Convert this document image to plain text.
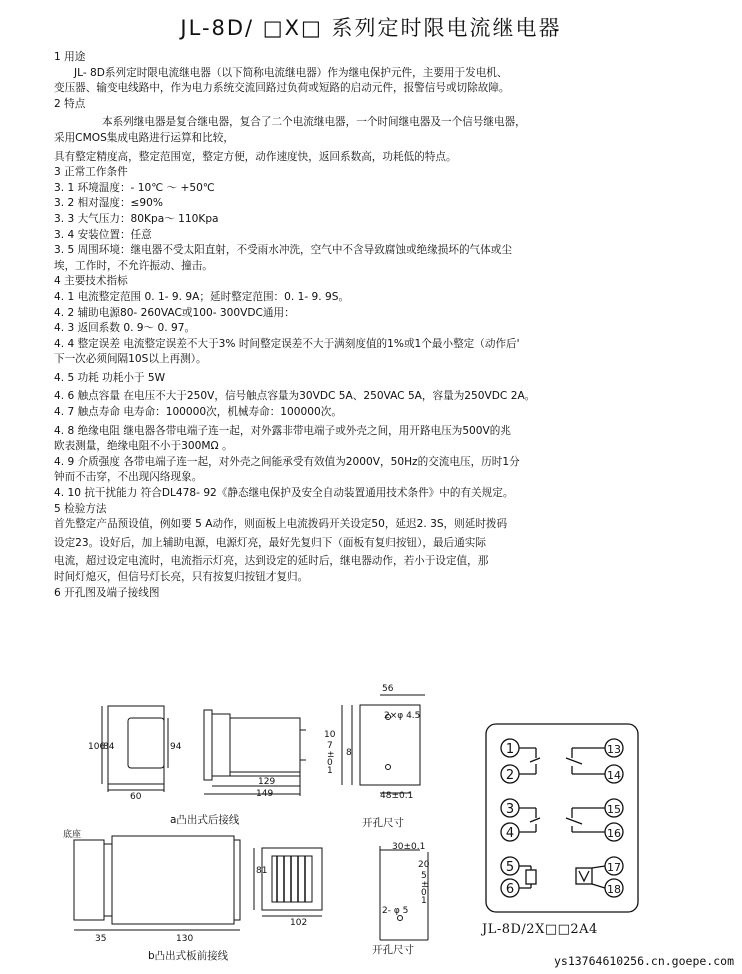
JL-8D/ □X□ 系列定时限电流继电器

1 用途

JL- 8D系列定时限电流继电器（以下简称电流继电器）作为继电保护元件，主要用于发电机、

变压器、输变电线路中，作为电力系统交流回路过负荷或短路的启动元件，报警信号或切除故障。

2 特点

本系列继电器是复合继电器，复合了二个电流继电器，一个时间继电器及一个信号继电器，

采用CMOS集成电路进行运算和比较，

具有整定精度高，整定范围宽，整定方便，动作速度快，返回系数高，功耗低的特点。

3 正常工作条件

3. 1 环境温度：- 10℃ ～ +50℃

3. 2 相对湿度：≤90%

3. 3 大气压力：80Kpa～ 110Kpa

3. 4 安装位置：任意

3. 5 周围环境：继电器不受太阳直射，不受雨水冲洗，空气中不含导致腐蚀或绝缘损坏的气体或尘

埃，工作时，不允许振动、撞击。

4 主要技术指标

4. 1 电流整定范围 0. 1- 9. 9A；延时整定范围：0. 1- 9. 9S。

4. 2 辅助电源80- 260VAC或100- 300VDC通用：

4. 3 返回系数 0. 9～ 0. 97。

4. 4 整定误差 电流整定误差不大于3% 时间整定误差不大于满刻度值的1%或1个最小整定（动作后'

下一次必须间隔10S以上再测）。

4. 5 功耗 功耗小于 5W

4. 6 触点容量 在电压不大于250V，信号触点容量为30VDC 5A、250VAC 5A，容量为250VDC 2A。

4. 7 触点寿命 电寿命：100000次，机械寿命：100000次。

4. 8 绝缘电阻 继电器各带电端子连一起，对外露非带电端子或外壳之间，用开路电压为500V的兆

欧表测量，绝缘电阻不小于300MΩ 。

4. 9 介质强度 各带电端子连一起，对外壳之间能承受有效值为2000V，50Hz的交流电压，历时1分

钟而不击穿，不出现闪络现象。

4. 10 抗干扰能力 符合DL478- 92《静态继电保护及安全自动装置通用技术条件》中的有关规定。

5 检验方法

首先整定产品预设值，例如要 5 A动作，则面板上电流拨码开关设定50，延迟2. 3S，则延时拨码

设定23。设好后，加上辅助电源，电源灯亮，最好先复归下（面板有复归按钮），最后通实际

电流，超过设定电流时，电流指示灯亮，达到设定的延时后，继电器动作，若小于设定值，那

时间灯熄灭，但信号灯长亮，只有按复归按钮才复归。

6 开孔图及端子接线图

106
84	94
60
129
149
a凸出式后接线
56
2×φ 4.5
10
7
±
0
1
8
48±0.1
开孔尺寸
底座
35	130
81
102
b凸出式板前接线
30±0.1
20
5
±
0
1
2- φ 5
开孔尺寸
1
2
3
4
5
6
13
14
15
16
17
18
JL-8D/2X□□2A4
ys13764610256.cn.goepe.com
